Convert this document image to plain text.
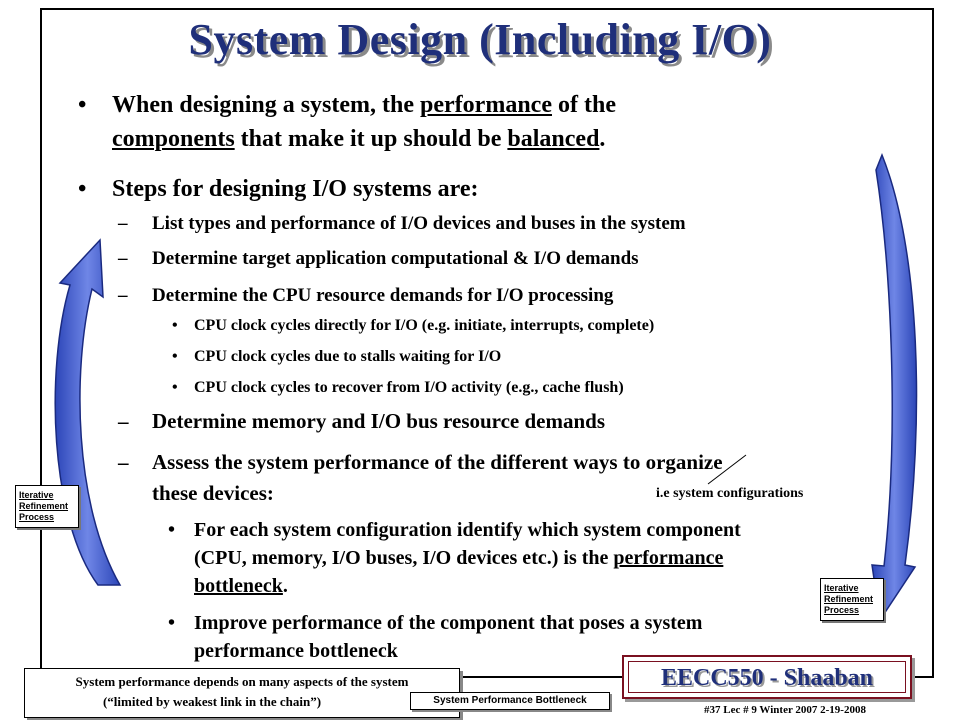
System Design (Including I/O)
• When designing a system, the performance of the
components that make it up should be balanced.
• Steps for designing I/O systems are:
– List types and performance of I/O devices and buses in the system
– Determine target application computational & I/O demands
– Determine the CPU resource demands for I/O processing
• CPU clock cycles directly for I/O (e.g. initiate, interrupts, complete)
• CPU clock cycles due to stalls waiting for I/O
• CPU clock cycles to recover from I/O activity (e.g., cache flush)
– Determine memory and I/O bus resource demands
– Assess the system performance of the different ways to organize
these devices:	i.e system configurations
• For each system configuration identify which system component
(CPU, memory, I/O buses, I/O devices etc.) is the performance
bottleneck.
• Improve performance of the component that poses a system
performance bottleneck
Iterative
Refinement
Process
Iterative
Refinement
Process
System performance depends on many aspects of the system
(“limited by weakest link in the chain”)	System Performance Bottleneck
EECC550 - Shaaban
#37 Lec # 9 Winter 2007 2-19-2008
